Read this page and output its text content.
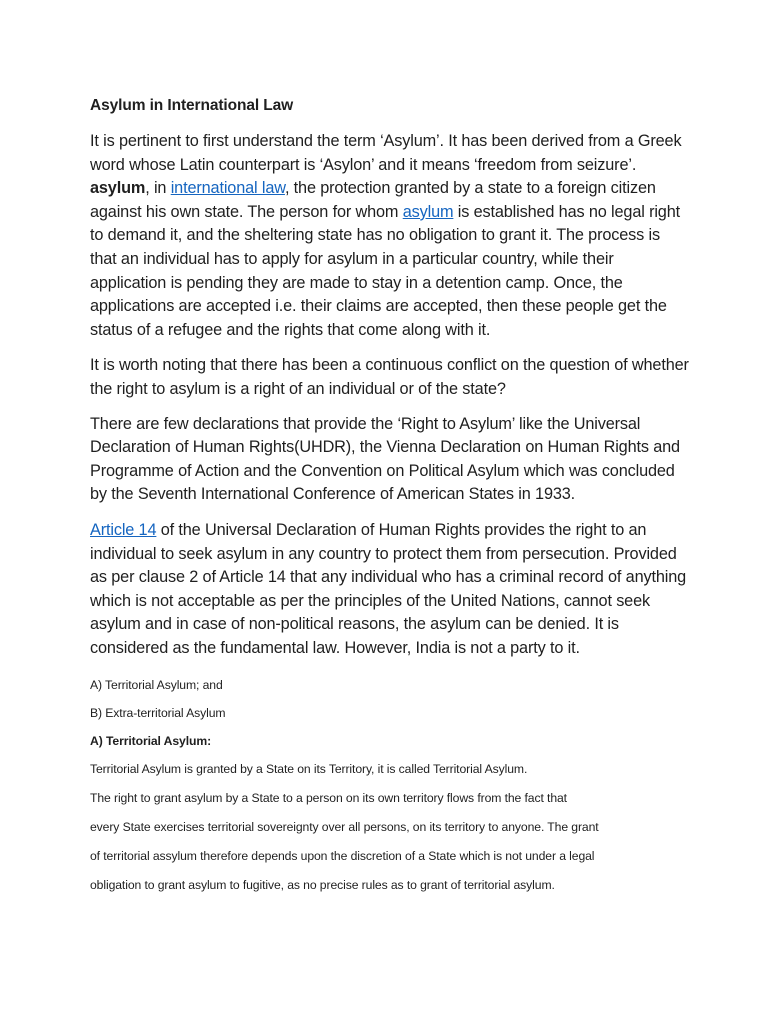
Asylum in International Law

It is pertinent to first understand the term ‘Asylum’. It has been derived from a Greek word whose Latin counterpart is ‘Asylon’ and it means ‘freedom from seizure’. asylum, in international law, the protection granted by a state to a foreign citizen against his own state. The person for whom asylum is established has no legal right to demand it, and the sheltering state has no obligation to grant it. The process is that an individual has to apply for asylum in a particular country, while their application is pending they are made to stay in a detention camp. Once, the applications are accepted i.e. their claims are accepted, then these people get the status of a refugee and the rights that come along with it.

It is worth noting that there has been a continuous conflict on the question of whether the right to asylum is a right of an individual or of the state?

There are few declarations that provide the ‘Right to Asylum’ like the Universal Declaration of Human Rights(UHDR), the Vienna Declaration on Human Rights and Programme of Action and the Convention on Political Asylum which was concluded by the Seventh International Conference of American States in 1933.

Article 14 of the Universal Declaration of Human Rights provides the right to an individual to seek asylum in any country to protect them from persecution. Provided as per clause 2 of Article 14 that any individual who has a criminal record of anything which is not acceptable as per the principles of the United Nations, cannot seek asylum and in case of non-political reasons, the asylum can be denied. It is considered as the fundamental law. However, India is not a party to it.

A) Territorial Asylum; and

B) Extra-territorial Asylum

A) Territorial Asylum:

Territorial Asylum is granted by a State on its Territory, it is called Territorial Asylum.

The right to grant asylum by a State to a person on its own territory flows from the fact that

every State exercises territorial sovereignty over all persons, on its territory to anyone. The grant

of territorial assylum therefore depends upon the discretion of a State which is not under a legal

obligation to grant asylum to fugitive, as no precise rules as to grant of territorial asylum.
